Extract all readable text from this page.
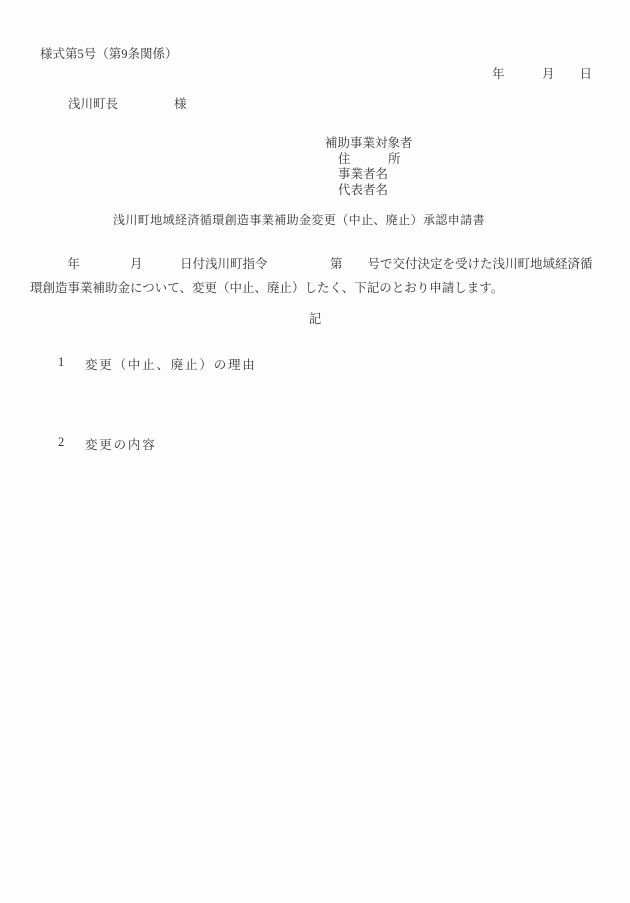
様式第5号（第9条関係）
年　　　月　　日
浅川町長	様
補助事業対象者
住　　　所
事業者名
代表者名
浅川町地域経済循環創造事業補助金変更（中止、廃止）承認申請書
　　　年　　　　月　　　日付浅川町指令　　　　　第　　号で交付決定を受けた浅川町地域経済循
環創造事業補助金について、変更（中止、廃止）したく、下記のとおり申請します。
記
1 変更（中止、廃止）の理由
2 変更の内容
